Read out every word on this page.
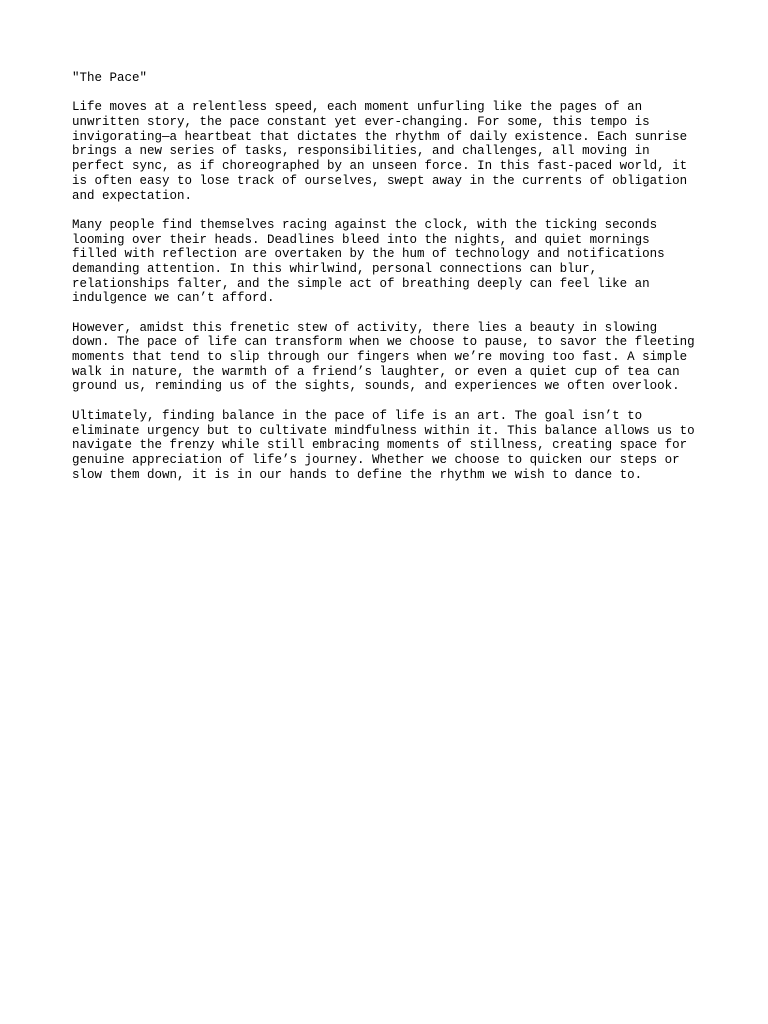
"The Pace"
Life moves at a relentless speed, each moment unfurling like the pages of an
unwritten story, the pace constant yet ever-changing. For some, this tempo is
invigorating—a heartbeat that dictates the rhythm of daily existence. Each sunrise
brings a new series of tasks, responsibilities, and challenges, all moving in
perfect sync, as if choreographed by an unseen force. In this fast-paced world, it
is often easy to lose track of ourselves, swept away in the currents of obligation
and expectation.
Many people find themselves racing against the clock, with the ticking seconds
looming over their heads. Deadlines bleed into the nights, and quiet mornings
filled with reflection are overtaken by the hum of technology and notifications
demanding attention. In this whirlwind, personal connections can blur,
relationships falter, and the simple act of breathing deeply can feel like an
indulgence we can’t afford.
However, amidst this frenetic stew of activity, there lies a beauty in slowing
down. The pace of life can transform when we choose to pause, to savor the fleeting
moments that tend to slip through our fingers when we’re moving too fast. A simple
walk in nature, the warmth of a friend’s laughter, or even a quiet cup of tea can
ground us, reminding us of the sights, sounds, and experiences we often overlook.
Ultimately, finding balance in the pace of life is an art. The goal isn’t to
eliminate urgency but to cultivate mindfulness within it. This balance allows us to
navigate the frenzy while still embracing moments of stillness, creating space for
genuine appreciation of life’s journey. Whether we choose to quicken our steps or
slow them down, it is in our hands to define the rhythm we wish to dance to.
